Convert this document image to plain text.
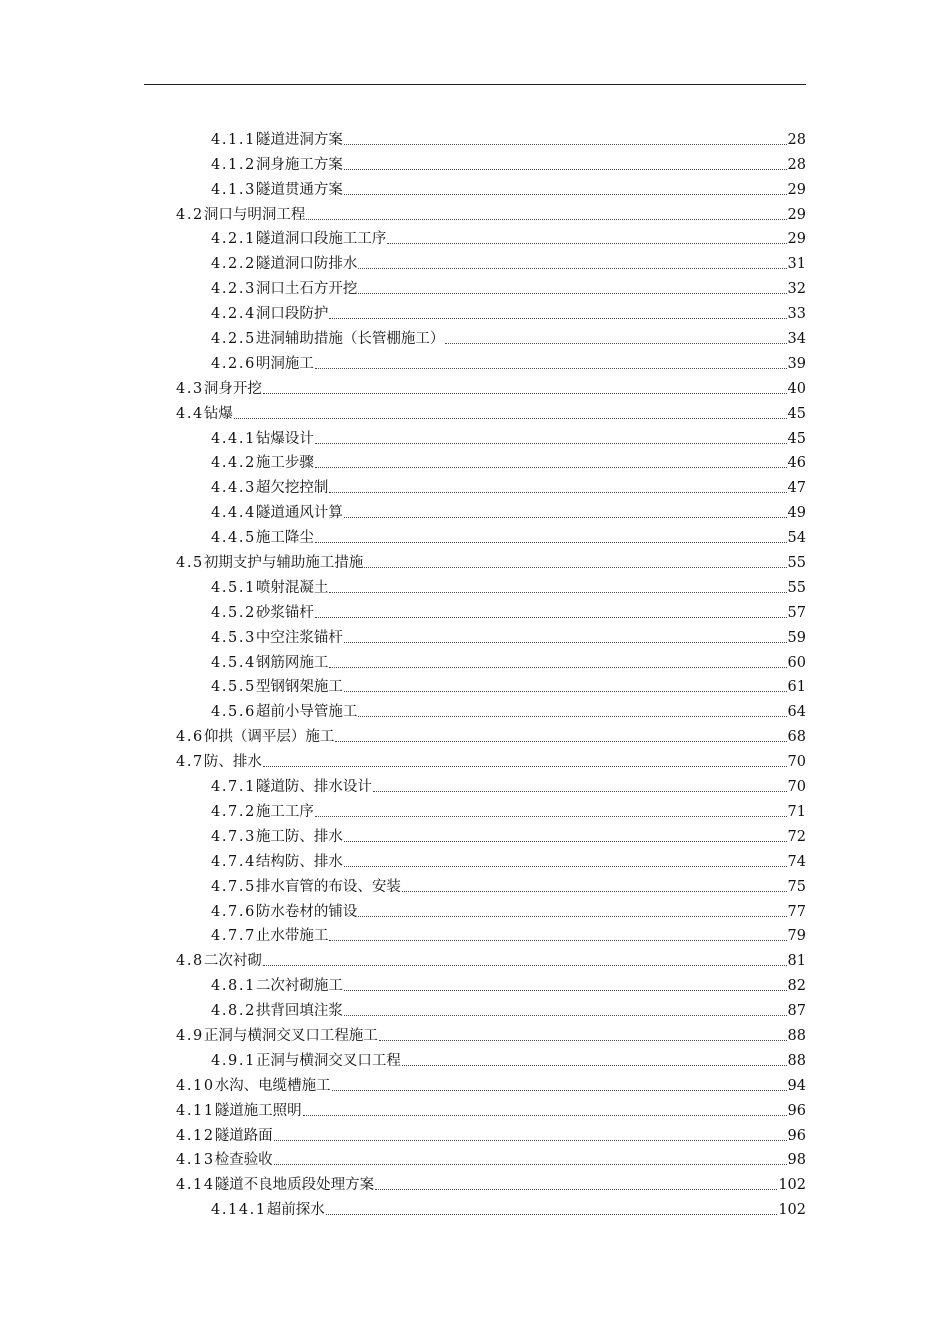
4.1.1 隧道进洞方案	28
4.1.2 洞身施工方案	28
4.1.3 隧道贯通方案	29
4.2 洞口与明洞工程	29
4.2.1 隧道洞口段施工工序	29
4.2.2 隧道洞口防排水	31
4.2.3 洞口土石方开挖	32
4.2.4 洞口段防护	33
4.2.5 进洞辅助措施（长管棚施工）	34
4.2.6 明洞施工	39
4.3 洞身开挖	40
4.4 钻爆	45
4.4.1 钻爆设计	45
4.4.2 施工步骤	46
4.4.3 超欠挖控制	47
4.4.4 隧道通风计算	49
4.4.5 施工降尘	54
4.5 初期支护与辅助施工措施	55
4.5.1 喷射混凝土	55
4.5.2 砂浆锚杆	57
4.5.3 中空注浆锚杆	59
4.5.4 钢筋网施工	60
4.5.5 型钢钢架施工	61
4.5.6 超前小导管施工	64
4.6 仰拱（调平层）施工	68
4.7 防、排水	70
4.7.1 隧道防、排水设计	70
4.7.2 施工工序	71
4.7.3 施工防、排水	72
4.7.4 结构防、排水	74
4.7.5 排水盲管的布设、安装	75
4.7.6 防水卷材的铺设	77
4.7.7 止水带施工	79
4.8 二次衬砌	81
4.8.1 二次衬砌施工	82
4.8.2 拱背回填注浆	87
4.9 正洞与横洞交叉口工程施工	88
4.9.1 正洞与横洞交叉口工程	88
4.10 水沟、电缆槽施工	94
4.11 隧道施工照明	96
4.12 隧道路面	96
4.13 检查验收	98
4.14 隧道不良地质段处理方案	102
4.14.1 超前探水	102
